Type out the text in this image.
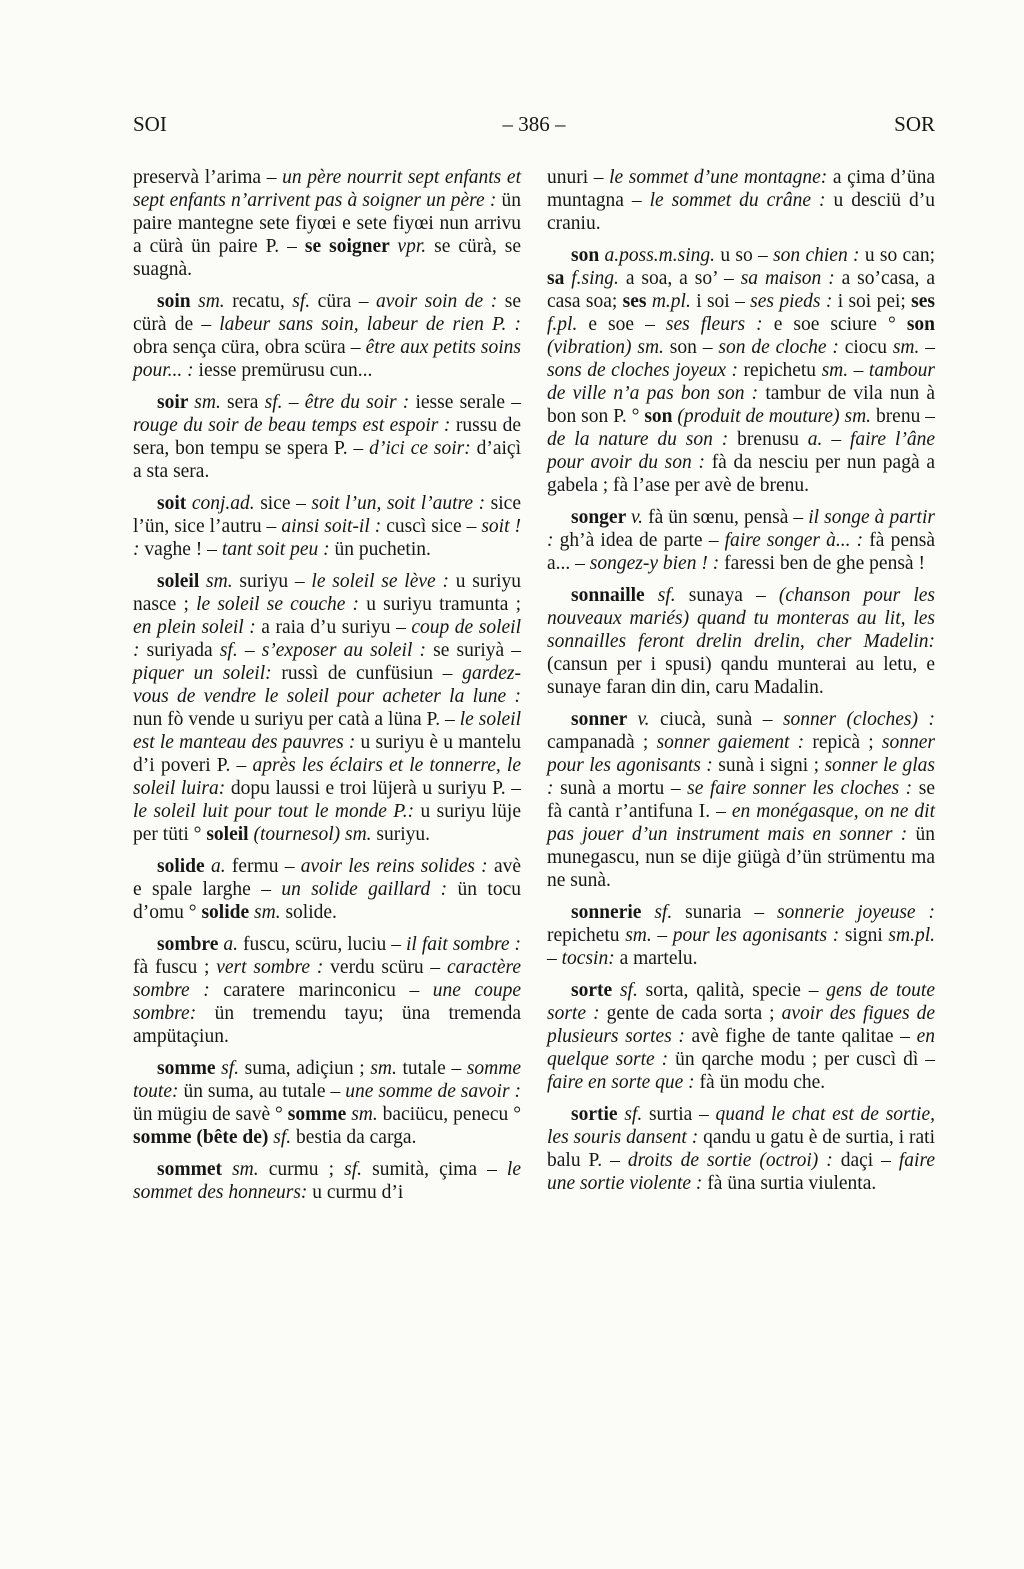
SOI	– 386 –	SOR

preservà l’arima – un père nourrit sept enfants et sept enfants n’arrivent pas à soigner un père : ün paire mantegne sete fiyœi e sete fiyœi nun arrivu a cürà ün paire P. – se soigner vpr. se cürà, se suagnà.

soin sm. recatu, sf. cüra – avoir soin de : se cürà de – labeur sans soin, labeur de rien P. : obra sença cüra, obra scüra – être aux petits soins pour... : iesse premürusu cun...

soir sm. sera sf. – être du soir : iesse serale – rouge du soir de beau temps est espoir : russu de sera, bon tempu se spera P. – d’ici ce soir: d’aiçì a sta sera.

soit conj.ad. sice – soit l’un, soit l’autre : sice l’ün, sice l’autru – ainsi soit-il : cuscì sice – soit ! : vaghe ! – tant soit peu : ün puchetin.

soleil sm. suriyu – le soleil se lève : u suriyu nasce ; le soleil se couche : u suriyu tramunta ; en plein soleil : a raia d’u suriyu – coup de soleil : suriyada sf. – s’exposer au soleil : se suriyà – piquer un soleil: russì de cunfüsiun – gardez-vous de vendre le soleil pour acheter la lune : nun fò vende u suriyu per catà a lüna P. – le soleil est le manteau des pauvres : u suriyu è u mantelu d’i poveri P. – après les éclairs et le tonnerre, le soleil luira: dopu laussi e troi lüjerà u suriyu P. – le soleil luit pour tout le monde P.: u suriyu lüje per tüti ° soleil (tournesol) sm. suriyu.

solide a. fermu – avoir les reins solides : avè e spale larghe – un solide gaillard : ün tocu d’omu ° solide sm. solide.

sombre a. fuscu, scüru, luciu – il fait sombre : fà fuscu ; vert sombre : verdu scüru – caractère sombre : caratere marinconicu – une coupe sombre: ün tremendu tayu; üna tremenda ampütaçiun.

somme sf. suma, adiçiun ; sm. tutale – somme toute: ün suma, au tutale – une somme de savoir : ün mügiu de savè ° somme sm. baciücu, penecu ° somme (bête de) sf. bestia da carga.

sommet sm. curmu ; sf. sumità, çima – le sommet des honneurs: u curmu d’i

unuri – le sommet d’une montagne: a çima d’üna muntagna – le sommet du crâne : u desciü d’u craniu.

son a.poss.m.sing. u so – son chien : u so can; sa f.sing. a soa, a so’ – sa maison : a so’casa, a casa soa; ses m.pl. i soi – ses pieds : i soi pei; ses f.pl. e soe – ses fleurs : e soe sciure ° son (vibration) sm. son – son de cloche : ciocu sm. – sons de cloches joyeux : repichetu sm. – tambour de ville n’a pas bon son : tambur de vila nun à bon son P. ° son (produit de mouture) sm. brenu – de la nature du son : brenusu a. – faire l’âne pour avoir du son : fà da nesciu per nun pagà a gabela ; fà l’ase per avè de brenu.

songer v. fà ün sœnu, pensà – il songe à partir : gh’à idea de parte – faire songer à... : fà pensà a... – songez-y bien ! : faressi ben de ghe pensà !

sonnaille sf. sunaya – (chanson pour les nouveaux mariés) quand tu monteras au lit, les sonnailles feront drelin drelin, cher Madelin: (cansun per i spusi) qandu munterai au letu, e sunaye faran din din, caru Madalin.

sonner v. ciucà, sunà – sonner (cloches) : campanadà ; sonner gaiement : repicà ; sonner pour les agonisants : sunà i signi ; sonner le glas : sunà a mortu – se faire sonner les cloches : se fà cantà r’antifuna I. – en monégasque, on ne dit pas jouer d’un instrument mais en sonner : ün munegascu, nun se dije giügà d’ün strümentu ma ne sunà.

sonnerie sf. sunaria – sonnerie joyeuse : repichetu sm. – pour les agonisants : signi sm.pl. – tocsin: a martelu.

sorte sf. sorta, qalità, specie – gens de toute sorte : gente de cada sorta ; avoir des figues de plusieurs sortes : avè fighe de tante qalitae – en quelque sorte : ün qarche modu ; per cuscì dì – faire en sorte que : fà ün modu che.

sortie sf. surtia – quand le chat est de sortie, les souris dansent : qandu u gatu è de surtia, i rati balu P. – droits de sortie (octroi) : daçi – faire une sortie violente : fà üna surtia viulenta.
